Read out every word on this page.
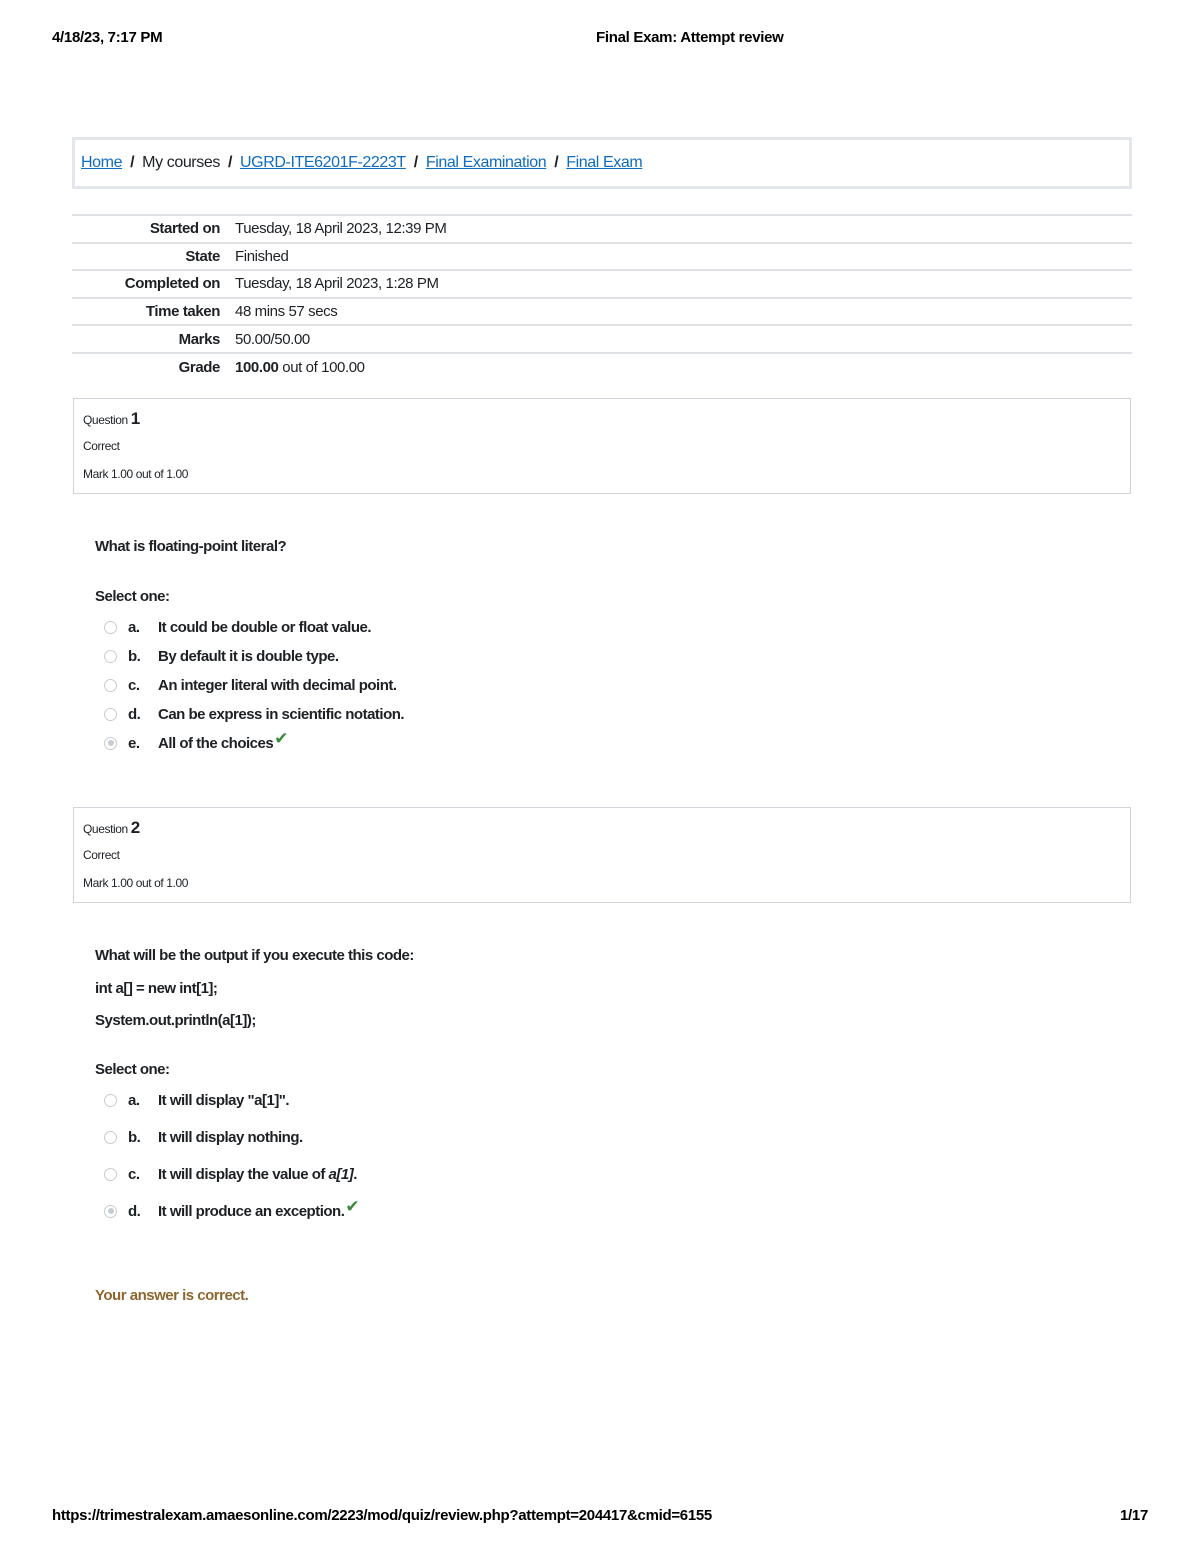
4/18/23, 7:17 PM	Final Exam: Attempt review
Home / My courses / UGRD-ITE6201F-2223T / Final Examination / Final Exam
Started on	Tuesday, 18 April 2023, 12:39 PM
State	Finished
Completed on	Tuesday, 18 April 2023, 1:28 PM
Time taken	48 mins 57 secs
Marks	50.00/50.00
Grade	100.00 out of 100.00
Question 1
Correct
Mark 1.00 out of 1.00
What is floating-point literal?
Select one:
a.	It could be double or float value.
b.	By default it is double type.
c.	An integer literal with decimal point.
d.	Can be express in scientific notation.
e.	All of the choices ✔
Question 2
Correct
Mark 1.00 out of 1.00
What will be the output if you execute this code:
int a[] = new int[1];
System.out.println(a[1]);
Select one:
a.	It will display "a[1]".
b.	It will display nothing.
c.	It will display the value of a[1].
d.	It will produce an exception. ✔
Your answer is correct.
https://trimestralexam.amaesonline.com/2223/mod/quiz/review.php?attempt=204417&cmid=6155	1/17
